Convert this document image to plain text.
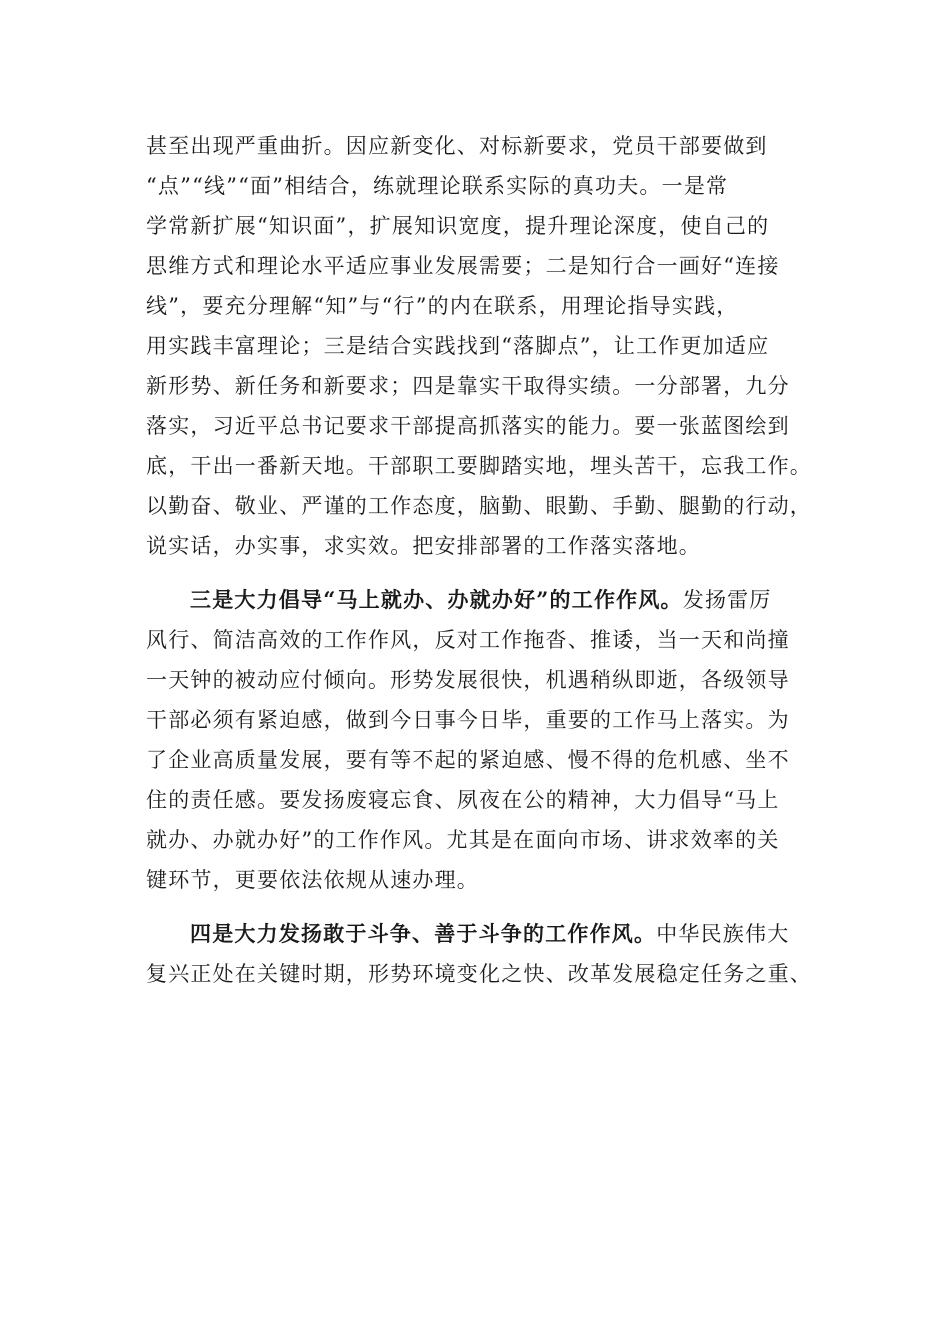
甚至出现严重曲折。因应新变化、对标新要求，党员干部要做到
“点”“线”“面”相结合，练就理论联系实际的真功夫。一是常
学常新扩展“知识面”，扩展知识宽度，提升理论深度，使自己的
思维方式和理论水平适应事业发展需要；二是知行合一画好“连接
线”，要充分理解“知”与“行”的内在联系，用理论指导实践，
用实践丰富理论；三是结合实践找到“落脚点”，让工作更加适应
新形势、新任务和新要求；四是靠实干取得实绩。一分部署，九分
落实，习近平总书记要求干部提高抓落实的能力。要一张蓝图绘到
底，干出一番新天地。干部职工要脚踏实地，埋头苦干，忘我工作。
以勤奋、敬业、严谨的工作态度，脑勤、眼勤、手勤、腿勤的行动，
说实话，办实事，求实效。把安排部署的工作落实落地。
三是大力倡导“马上就办、办就办好”的工作作风。发扬雷厉
风行、简洁高效的工作作风，反对工作拖沓、推诿，当一天和尚撞
一天钟的被动应付倾向。形势发展很快，机遇稍纵即逝，各级领导
干部必须有紧迫感，做到今日事今日毕，重要的工作马上落实。为
了企业高质量发展，要有等不起的紧迫感、慢不得的危机感、坐不
住的责任感。要发扬废寝忘食、夙夜在公的精神，大力倡导“马上
就办、办就办好”的工作作风。尤其是在面向市场、讲求效率的关
键环节，更要依法依规从速办理。
四是大力发扬敢于斗争、善于斗争的工作作风。中华民族伟大
复兴正处在关键时期，形势环境变化之快、改革发展稳定任务之重、
